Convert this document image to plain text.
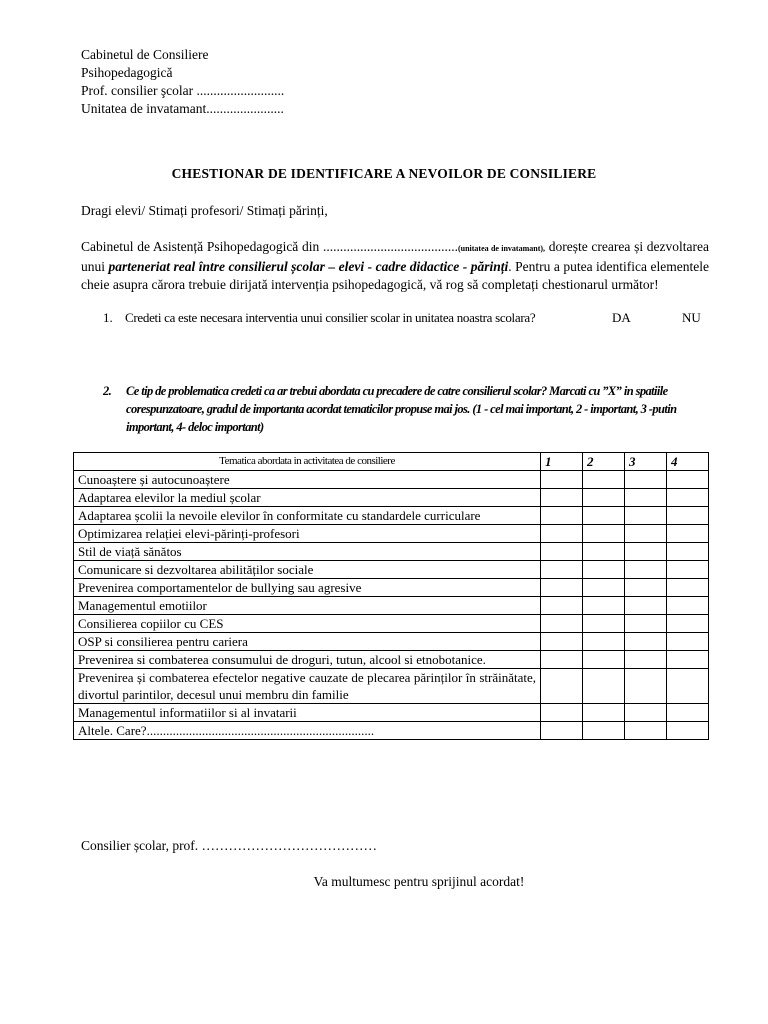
Cabinetul de Consiliere
Psihopedagogică
Prof. consilier şcolar ..........................
Unitatea de invatamant.......................
CHESTIONAR DE IDENTIFICARE A NEVOILOR DE CONSILIERE
Dragi elevi/ Stimați profesori/ Stimați părinți,
Cabinetul de Asistență Psihopedagogică din ........................................(unitatea de invatamant), dorește crearea și dezvoltarea unui parteneriat real între consilierul școlar – elevi - cadre didactice - părinți. Pentru a putea identifica elementele cheie asupra cărora trebuie dirijată intervenția psihopedagogică, vă rog să completați chestionarul următor!
1. Credeti ca este necesara interventia unui consilier scolar in unitatea noastra scolara?	DA	NU
2. Ce tip de problematica credeti ca ar trebui abordata cu precadere de catre consilierul scolar? Marcati cu ”X” in spatiile corespunzatoare, gradul de importanta acordat tematicilor propuse mai jos. (1 - cel mai important, 2 - important, 3 -putin important, 4- deloc important)
Tematica abordata in activitatea de consiliere	1	2	3	4
Cunoaștere și autocunoaștere				
Adaptarea elevilor la mediul școlar				
Adaptarea școlii la nevoile elevilor în conformitate cu standardele curriculare				
Optimizarea relației elevi-părinți-profesori				
Stil de viață sănătos				
Comunicare si dezvoltarea abilităților sociale				
Prevenirea comportamentelor de bullying sau agresive				
Managementul emotiilor				
Consilierea copiilor cu CES				
OSP si consilierea pentru cariera				
Prevenirea si combaterea consumului de droguri, tutun, alcool si etnobotanice.				
Prevenirea și combaterea efectelor negative cauzate de plecarea părinților în străinătate, divortul parintilor, decesul unui membru din familie				
Managementul informatiilor si al invatarii				
Altele. Care?......................................................................				
Consilier școlar, prof. …………………………………
Va multumesc pentru sprijinul acordat!
